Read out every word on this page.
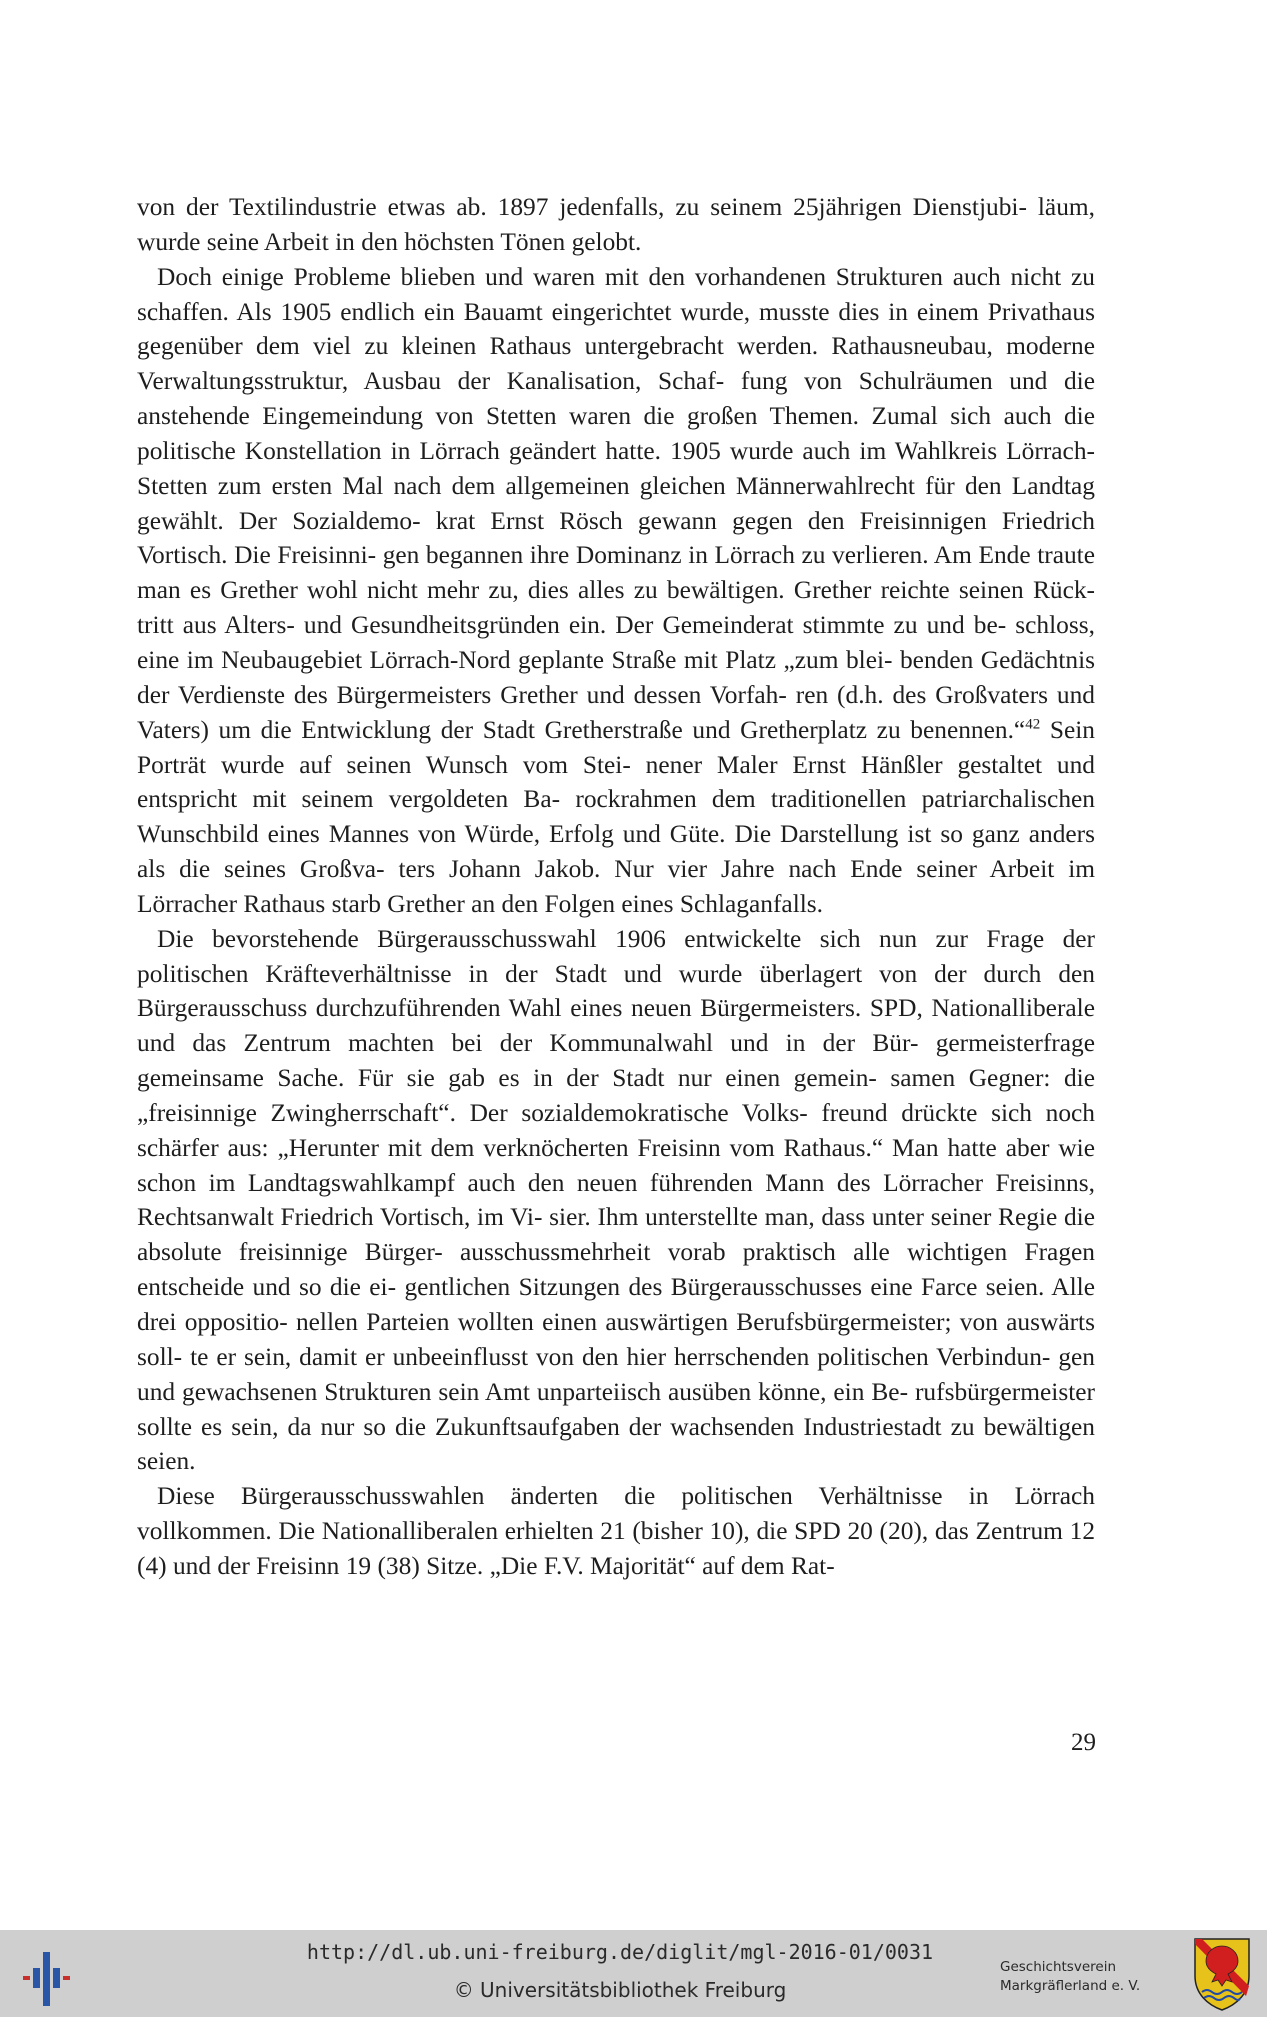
von der Textilindustrie etwas ab. 1897 jedenfalls, zu seinem 25jährigen Dienstjubi- läum, wurde seine Arbeit in den höchsten Tönen gelobt.

Doch einige Probleme blieben und waren mit den vorhandenen Strukturen auch nicht zu schaffen. Als 1905 endlich ein Bauamt eingerichtet wurde, musste dies in einem Privathaus gegenüber dem viel zu kleinen Rathaus untergebracht werden. Rathausneubau, moderne Verwaltungsstruktur, Ausbau der Kanalisation, Schaf- fung von Schulräumen und die anstehende Eingemeindung von Stetten waren die großen Themen. Zumal sich auch die politische Konstellation in Lörrach geändert hatte. 1905 wurde auch im Wahlkreis Lörrach-Stetten zum ersten Mal nach dem allgemeinen gleichen Männerwahlrecht für den Landtag gewählt. Der Sozialdemo- krat Ernst Rösch gewann gegen den Freisinnigen Friedrich Vortisch. Die Freisinni- gen begannen ihre Dominanz in Lörrach zu verlieren. Am Ende traute man es Grether wohl nicht mehr zu, dies alles zu bewältigen. Grether reichte seinen Rück- tritt aus Alters- und Gesundheitsgründen ein. Der Gemeinderat stimmte zu und be- schloss, eine im Neubaugebiet Lörrach-Nord geplante Straße mit Platz „zum blei- benden Gedächtnis der Verdienste des Bürgermeisters Grether und dessen Vorfah- ren (d.h. des Großvaters und Vaters) um die Entwicklung der Stadt Gretherstraße und Gretherplatz zu benennen.“$^{42}$ Sein Porträt wurde auf seinen Wunsch vom Stei- nener Maler Ernst Hänßler gestaltet und entspricht mit seinem vergoldeten Ba- rockrahmen dem traditionellen patriarchalischen Wunschbild eines Mannes von Würde, Erfolg und Güte. Die Darstellung ist so ganz anders als die seines Großva- ters Johann Jakob. Nur vier Jahre nach Ende seiner Arbeit im Lörracher Rathaus starb Grether an den Folgen eines Schlaganfalls.

Die bevorstehende Bürgerausschusswahl 1906 entwickelte sich nun zur Frage der politischen Kräfteverhältnisse in der Stadt und wurde überlagert von der durch den Bürgerausschuss durchzuführenden Wahl eines neuen Bürgermeisters. SPD, Nationalliberale und das Zentrum machten bei der Kommunalwahl und in der Bür- germeisterfrage gemeinsame Sache. Für sie gab es in der Stadt nur einen gemein- samen Gegner: die „freisinnige Zwingherrschaft“. Der sozialdemokratische Volks- freund drückte sich noch schärfer aus: „Herunter mit dem verknöcherten Freisinn vom Rathaus.“ Man hatte aber wie schon im Landtagswahlkampf auch den neuen führenden Mann des Lörracher Freisinns, Rechtsanwalt Friedrich Vortisch, im Vi- sier. Ihm unterstellte man, dass unter seiner Regie die absolute freisinnige Bürger- ausschussmehrheit vorab praktisch alle wichtigen Fragen entscheide und so die ei- gentlichen Sitzungen des Bürgerausschusses eine Farce seien. Alle drei oppositio- nellen Parteien wollten einen auswärtigen Berufsbürgermeister; von auswärts soll- te er sein, damit er unbeeinflusst von den hier herrschenden politischen Verbindun- gen und gewachsenen Strukturen sein Amt unparteiisch ausüben könne, ein Be- rufsbürgermeister sollte es sein, da nur so die Zukunftsaufgaben der wachsenden Industriestadt zu bewältigen seien.

Diese Bürgerausschusswahlen änderten die politischen Verhältnisse in Lörrach vollkommen. Die Nationalliberalen erhielten 21 (bisher 10), die SPD 20 (20), das Zentrum 12 (4) und der Freisinn 19 (38) Sitze. „Die F.V. Majorität“ auf dem Rat-

29
http://dl.ub.uni-freiburg.de/diglit/mgl-2016-01/0031
© Universitätsbibliothek Freiburg
Geschichtsverein
Markgräflerland e. V.
